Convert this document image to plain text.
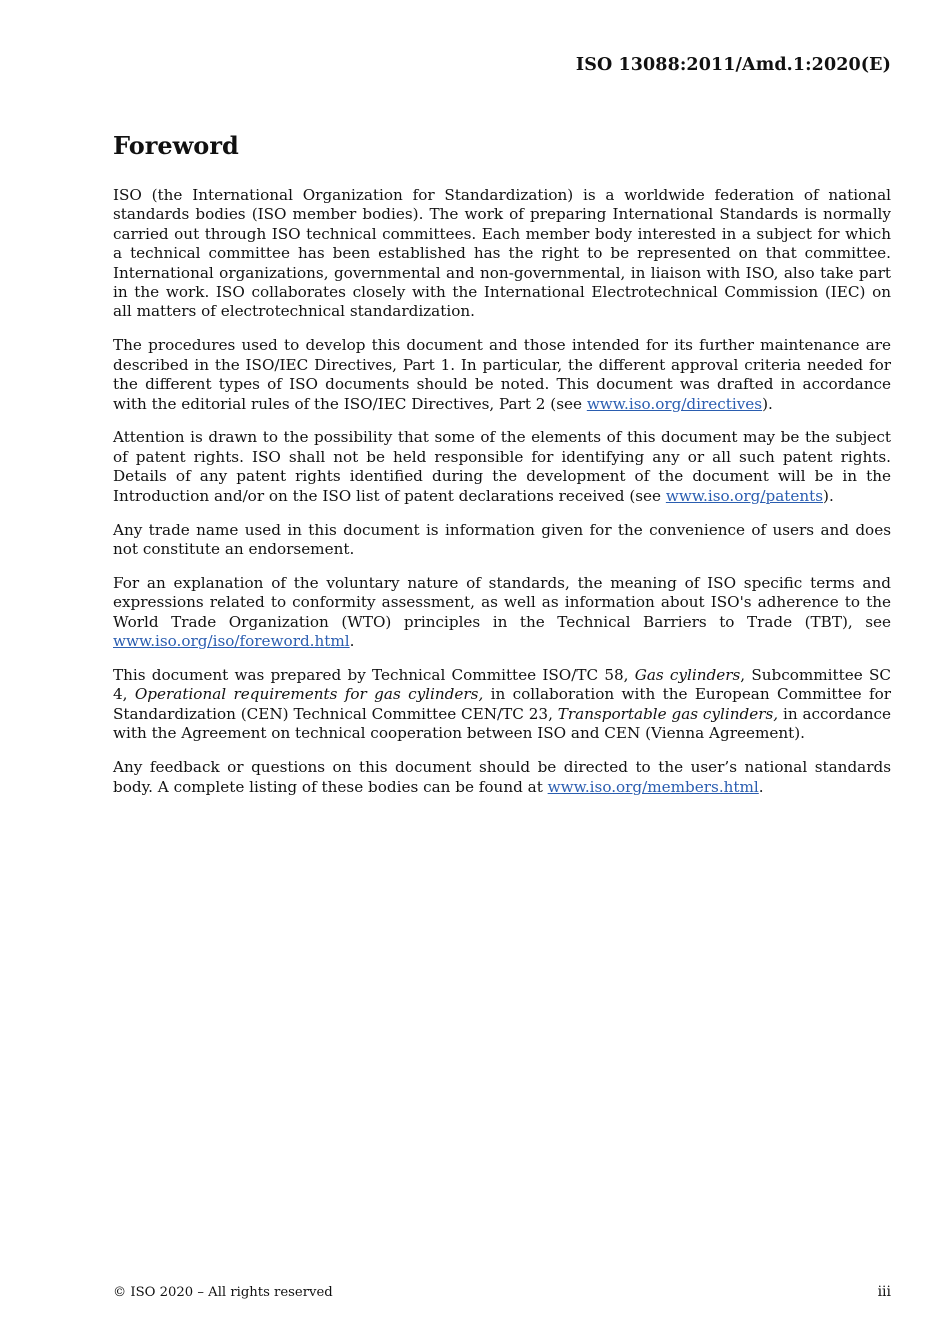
ISO 13088:2011/Amd.1:2020(E)
Foreword

ISO (the International Organization for Standardization) is a worldwide federation of national standards bodies (ISO member bodies). The work of preparing International Standards is normally carried out through ISO technical committees. Each member body interested in a subject for which a technical committee has been established has the right to be represented on that committee. International organizations, governmental and non-governmental, in liaison with ISO, also take part in the work. ISO collaborates closely with the International Electrotechnical Commission (IEC) on all matters of electrotechnical standardization.

The procedures used to develop this document and those intended for its further maintenance are described in the ISO/IEC Directives, Part 1. In particular, the different approval criteria needed for the different types of ISO documents should be noted. This document was drafted in accordance with the editorial rules of the ISO/IEC Directives, Part 2 (see www.iso.org/directives).

Attention is drawn to the possibility that some of the elements of this document may be the subject of patent rights. ISO shall not be held responsible for identifying any or all such patent rights. Details of any patent rights identified during the development of the document will be in the Introduction and/or on the ISO list of patent declarations received (see www.iso.org/patents).

Any trade name used in this document is information given for the convenience of users and does not constitute an endorsement.

For an explanation of the voluntary nature of standards, the meaning of ISO specific terms and expressions related to conformity assessment, as well as information about ISO's adherence to the World Trade Organization (WTO) principles in the Technical Barriers to Trade (TBT), see www.iso.org/iso/foreword.html.

This document was prepared by Technical Committee ISO/TC 58, Gas cylinders, Subcommittee SC 4, Operational requirements for gas cylinders, in collaboration with the European Committee for Standardization (CEN) Technical Committee CEN/TC 23, Transportable gas cylinders, in accordance with the Agreement on technical cooperation between ISO and CEN (Vienna Agreement).

Any feedback or questions on this document should be directed to the user’s national standards body. A complete listing of these bodies can be found at www.iso.org/members.html.

© ISO 2020 – All rights reserved	iii
